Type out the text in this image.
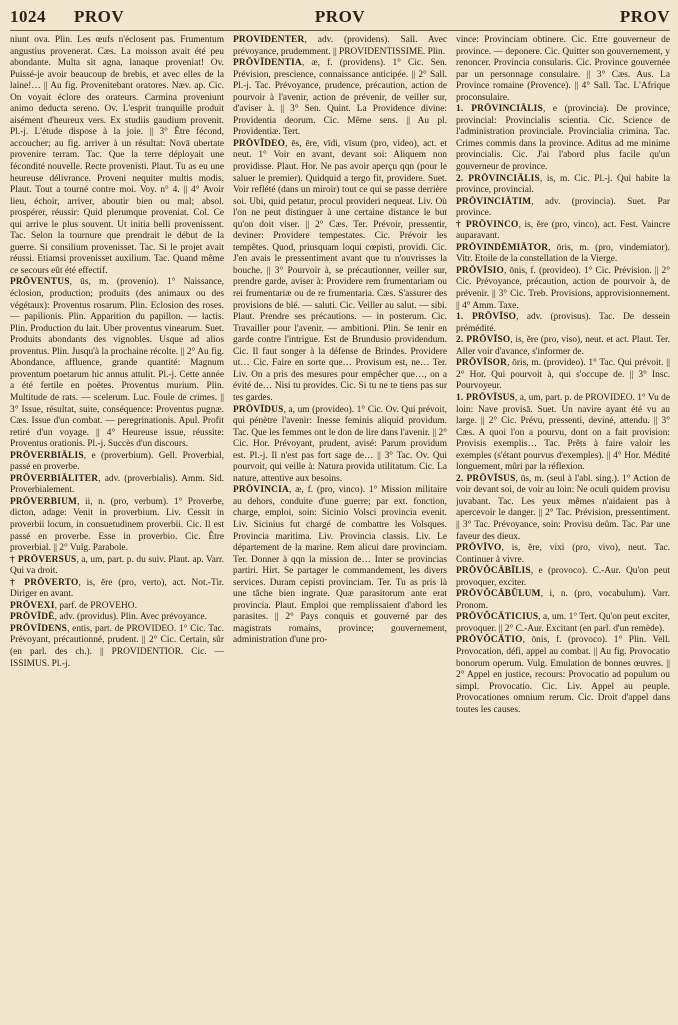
1024 PROV	PROV	PROV

niunt ova. Plin. Les œufs n'éclosent pas. Frumentum angustius provenerat. Cæs. La moisson avait été peu abondante. Multa sit agna, lanaque proveniat! Ov. Puissé-je avoir beaucoup de brebis, et avec elles de la laine!… || Au fig. Provenitebant oratores. Næv. ap. Cic. On voyait éclore des orateurs. Carmina proveniunt animo deducta sereno. Ov. L'esprit tranquille produit aisément d'heureux vers. Ex studiis gaudium provenit. Pl.-j. L'étude dispose à la joie. || 3° Être fécond, accoucher; au fig. arriver à un résultat: Novā ubertate provenire terram. Tac. Que la terre déployait une fécondité nouvelle. Recte provenisti. Plaut. Tu as eu une heureuse délivrance. Proveni nequiter multis modis. Plaut. Tout a tourné contre moi. Voy. n° 4. || 4° Avoir lieu, échoir, arriver, aboutir bien ou mal; absol. prospérer, réussir: Quid plerumque proveniat. Col. Ce qui arrive le plus souvent. Ut initia belli provenissent. Tac. Selon la tournure que prendrait le début de la guerre. Si consilium provenisset. Tac. Si le projet avait réussi. Etiamsi provenisset auxilium. Tac. Quand même ce secours eût été effectif.

PRŌVENTUS, ūs, m. (provenio). 1° Naissance, éclosion, production; produits (des animaux ou des végétaux): Proventus rosarum. Plin. Eclosion des roses. — papilionis. Plin. Apparition du papillon. — lactis. Plin. Production du lait. Uber proventus vinearum. Suet. Produits abondants des vignobles. Usque ad alios proventus. Plin. Jusqu'à la prochaine récolte. || 2° Au fig. Abondance, affluence, grande quantité: Magnum proventum poetarum hic annus attulit. Pl.-j. Cette année a été fertile en poëtes. Proventus murium. Plin. Multitude de rats. — scelerum. Luc. Foule de crimes. || 3° Issue, résultat, suite, conséquence: Proventus pugnæ. Cæs. Issue d'un combat. — peregrinationis. Apul. Profit retiré d'un voyage. || 4° Heureuse issue, réussite: Proventus orationis. Pl.-j. Succès d'un discours.

PRŌVERBIĀLIS, e (proverbium). Gell. Proverbial, passé en proverbe.

PRŌVERBIĀLITER, adv. (proverbialis). Amm. Sid. Proverbialement.

PRŌVERBIUM, ii, n. (pro, verbum). 1° Proverbe, dicton, adage: Venit in proverbium. Liv. Cessit in proverbii locum, in consuetudinem proverbii. Cic. Il est passé en proverbe. Esse in proverbio. Cic. Être proverbial. || 2° Vulg. Parabole.

† PRŌVERSUS, a, um, part. p. du suiv. Plaut. ap. Varr. Qui va droit.

† PRŌVERTO, is, ĕre (pro, verto), act. Not.-Tir. Diriger en avant.

PRŌVEXI, parf. de PROVEHO.

PRŌVĪDĒ, adv. (providus). Plin. Avec prévoyance.

PRŌVĪDENS, entis, part. de PROVIDEO. 1° Cic. Tac. Prévoyant, précautionné, prudent. || 2° Cic. Certain, sûr (en parl. des ch.). || PROVIDENTIOR. Cic. — ISSIMUS. Pl.-j.

PRŌVĪDENTER, adv. (providens). Sall. Avec prévoyance, prudemment. || PROVIDENTISSIME. Plin.

PRŌVĪDENTIA, æ, f. (providens). 1° Cic. Sen. Prévision, prescience, connaissance anticipée. || 2° Sall. Pl.-j. Tac. Prévoyance, prudence, précaution, action de pourvoir à l'avenir, action de prévenir, de veiller sur, d'aviser à. || 3° Sen. Quint. La Providence divine: Providentia deorum. Cic. Même sens. || Au pl. Providentiæ. Tert.

PRŌVĬDEO, ēs, ēre, vīdi, vīsum (pro, video), act. et neut. 1° Voir en avant, devant soi: Aliquem non providisse. Plaut. Hor. Ne pas avoir aperçu qqn (pour le saluer le premier). Quidquid a tergo fit, providere. Suet. Voir reflété (dans un miroir) tout ce qui se passe derrière soi. Ubi, quid petatur, procul provideri nequeat. Liv. Où l'on ne peut distinguer à une certaine distance le but qu'on doit viser. || 2° Cæs. Ter. Prévoir, pressentir, deviner: Providere tempestates. Cic. Prévoir les tempêtes. Quod, priusquam loqui cœpisti, providi. Cic. J'en avais le pressentiment avant que tu n'ouvrisses la bouche. || 3° Pourvoir à, se précautionner, veiller sur, prendre garde, aviser à: Providere rem frumentariam ou rei frumentariæ ou de re frumentaria. Cæs. S'assurer des provisions de blé. — saluti. Cic. Veiller au salut. — sibi. Plaut. Prendre ses précautions. — in posterum. Cic. Travailler pour l'avenir. — ambitioni. Plin. Se tenir en garde contre l'intrigue. Est de Brundusio providendum. Cic. Il faut songer à la défense de Brindes. Providere ut… Cic. Faire en sorte que… Provisum est, ne… Ter. Liv. On a pris des mesures pour empêcher que…, on a évité de… Nisi tu provides. Cic. Si tu ne te tiens pas sur tes gardes.

PRŌVĪDUS, a, um (provideo). 1° Cic. Ov. Qui prévoit, qui pénètre l'avenir: Inesse feminis aliquid providum. Tac. Que les femmes ont le don de lire dans l'avenir. || 2° Cic. Hor. Prévoyant, prudent, avisé: Parum providum est. Pl.-j. Il n'est pas fort sage de… || 3° Tac. Ov. Qui pourvoit, qui veille à: Natura provida utilitatum. Cic. La nature, attentive aux besoins.

PRŌVINCIA, æ, f. (pro, vinco). 1° Mission militaire au dehors, conduite d'une guerre; par ext. fonction, charge, emploi, soin: Sicinio Volsci provincia evenit. Liv. Sicinius fut chargé de combattre les Volsques. Provincia maritima. Liv. Provincia classis. Liv. Le département de la marine. Rem alicui dare provinciam. Ter. Donner à qqn la mission de… Inter se provincias partiri. Hirt. Se partager le commandement, les divers services. Duram cepisti provinciam. Ter. Tu as pris là une tâche bien ingrate. Quæ parasitorum ante erat provincia. Plaut. Emploi que remplissaient d'abord les parasites. || 2° Pays conquis et gouverné par des magistrats romains, province; gouvernement, administration d'une pro-

vince: Provinciam obtinere. Cic. Etre gouverneur de province. — deponere. Cic. Quitter son gouvernement, y renoncer. Provincia consularis. Cic. Province gouvernée par un personnage consulaire. || 3° Cæs. Aus. La Province romaine (Provence). || 4° Sall. Tac. L'Afrique proconsulaire.

1. PRŌVINCIĀLIS, e (provincia). De province, provincial: Provincialis scientia. Cic. Science de l'administration provinciale. Provincialia crimina. Tac. Crimes commis dans la province. Aditus ad me minime provincialis. Cic. J'ai l'abord plus facile qu'un gouverneur de province.

2. PRŌVINCIĀLIS, is, m. Cic. Pl.-j. Qui habite la province, provincial.

PRŌVINCIĀTIM, adv. (provincia). Suet. Par province.

† PRŌVINCO, is, ĕre (pro, vinco), act. Fest. Vaincre auparavant.

PRŌVINDĒMIĀTOR, ōris, m. (pro, vindemiator). Vitr. Etoile de la constellation de la Vierge.

PRŌVĪSIO, ōnis, f. (provideo). 1° Cic. Prévision. || 2° Cic. Prévoyance, précaution, action de pourvoir à, de prévenir. || 3° Cic. Treb. Provisions, approvisionnement. || 4° Amm. Taxe.

1. PRŌVĪSO, adv. (provisus). Tac. De dessein prémédité.

2. PRŌVĪSO, is, ĕre (pro, viso), neut. et act. Plaut. Ter. Aller voir d'avance, s'informer de.

PRŌVĪSOR, ōris, m. (provideo). 1° Tac. Qui prévoit. || 2° Hor. Qui pourvoit à, qui s'occupe de. || 3° Insc. Pourvoyeur.

1. PRŌVĪSUS, a, um, part. p. de PROVIDEO. 1° Vu de loin: Nave provisā. Suet. Un navire ayant été vu au large. || 2° Cic. Prévu, pressenti, deviné, attendu. || 3° Cæs. A quoi l'on a pourvu, dont on a fait provision: Provisis exemplis… Tac. Prêts à faire valoir les exemples (s'étant pourvus d'exemples). || 4° Hor. Médité longuement, mûri par la réflexion.

2. PRŌVĪSUS, ūs, m. (seul à l'abl. sing.). 1° Action de voir devant soi, de voir au loin: Ne oculi quidem provisu juvabant. Tac. Les yeux mêmes n'aidaient pas à apercevoir le danger. || 2° Tac. Prévision, pressentiment. || 3° Tac. Prévoyance, soin: Provisu deûm. Tac. Par une faveur des dieux.

PRŌVĪVO, is, ĕre, vixi (pro, vivo), neut. Tac. Continuer à vivre.

PRŌVŎCĀBĬLIS, e (provoco). C.-Aur. Qu'on peut provoquer, exciter.

PRŌVŎCĀBŬLUM, i, n. (pro, vocabulum). Varr. Pronom.

PRŌVŎCĀTICIUS, a, um. 1° Tert. Qu'on peut exciter, provoquer. || 2° C.-Aur. Excitant (en parl. d'un remède).

PRŌVŎCĀTIO, ōnis, f. (provoco). 1° Plin. Vell. Provocation, défi, appel au combat. || Au fig. Provocatio bonorum operum. Vulg. Emulation de bonnes œuvres. || 2° Appel en justice, recours: Provocatio ad populum ou simpl. Provocatio. Cic. Liv. Appel au peuple. Provocationes omnium rerum. Cic. Droit d'appel dans toutes les causes.
